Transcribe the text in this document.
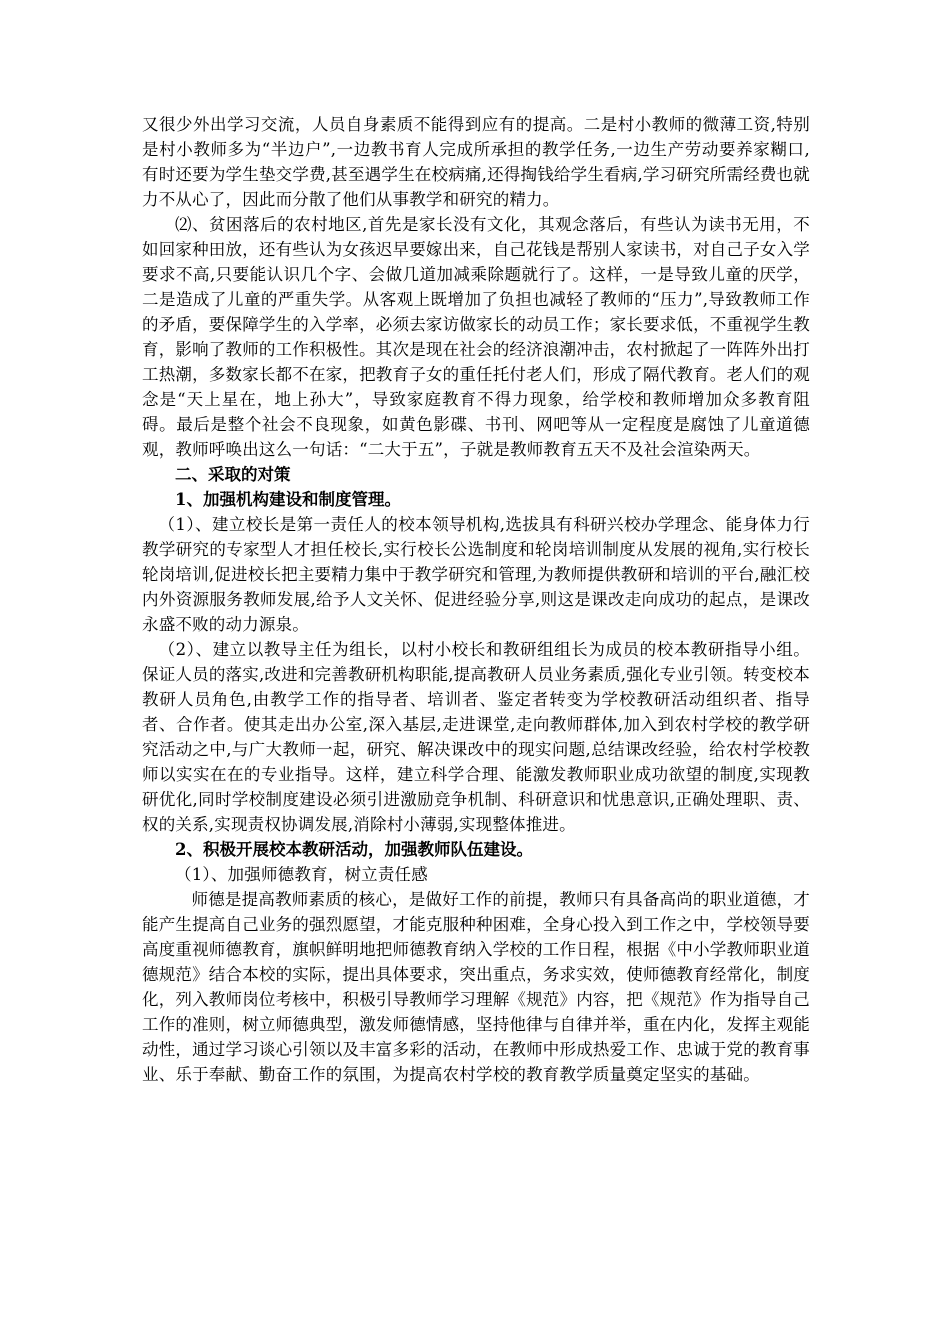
又很少外出学习交流，人员自身素质不能得到应有的提高。二是村小教师的微薄工资,特别是村小教师多为“半边户”,一边教书育人完成所承担的教学任务,一边生产劳动要养家糊口, 有时还要为学生垫交学费,甚至遇学生在校病痛,还得掏钱给学生看病,学习研究所需经费也就力不从心了，因此而分散了他们从事教学和研究的精力。

⑵、贫困落后的农村地区,首先是家长没有文化，其观念落后，有些认为读书无用，不如回家种田放，还有些认为女孩迟早要嫁出来，自己花钱是帮别人家读书，对自己子女入学要求不高,只要能认识几个字、会做几道加减乘除题就行了。这样，一是导致儿童的厌学，二是造成了儿童的严重失学。从客观上既增加了负担也减轻了教师的“压力”,导致教师工作的矛盾，要保障学生的入学率，必须去家访做家长的动员工作；家长要求低，不重视学生教育，影响了教师的工作积极性。其次是现在社会的经济浪潮冲击，农村掀起了一阵阵外出打工热潮，多数家长都不在家，把教育子女的重任托付老人们，形成了隔代教育。老人们的观念是“天上星在，地上孙大”，导致家庭教育不得力现象，给学校和教师增加众多教育阻碍。最后是整个社会不良现象，如黄色影碟、书刊、网吧等从一定程度是腐蚀了儿童道德观，教师呼唤出这么一句话：“二大于五”，子就是教师教育五天不及社会渲染两天。

二、采取的对策

1、加强机构建设和制度管理。

（1）、建立校长是第一责任人的校本领导机构,选拔具有科研兴校办学理念、能身体力行教学研究的专家型人才担任校长,实行校长公选制度和轮岗培训制度从发展的视角,实行校长轮岗培训,促进校长把主要精力集中于教学研究和管理,为教师提供教研和培训的平台,融汇校内外资源服务教师发展,给予人文关怀、促进经验分享,则这是课改走向成功的起点，是课改永盛不败的动力源泉。

（2）、建立以教导主任为组长，以村小校长和教研组组长为成员的校本教研指导小组。保证人员的落实,改进和完善教研机构职能,提高教研人员业务素质,强化专业引领。转变校本教研人员角色,由教学工作的指导者、培训者、鉴定者转变为学校教研活动组织者、指导者、合作者。使其走出办公室,深入基层,走进课堂,走向教师群体,加入到农村学校的教学研究活动之中,与广大教师一起，研究、解决课改中的现实问题,总结课改经验，给农村学校教师以实实在在的专业指导。这样，建立科学合理、能激发教师职业成功欲望的制度,实现教研优化,同时学校制度建设必须引进激励竞争机制、科研意识和忧患意识,正确处理职、责、权的关系,实现责权协调发展,消除村小薄弱,实现整体推进。

2、积极开展校本教研活动，加强教师队伍建设。

（1）、加强师德教育，树立责任感

师德是提高教师素质的核心，是做好工作的前提，教师只有具备高尚的职业道德，才能产生提高自己业务的强烈愿望，才能克服种种困难，全身心投入到工作之中，学校领导要高度重视师德教育，旗帜鲜明地把师德教育纳入学校的工作日程，根据《中小学教师职业道德规范》结合本校的实际，提出具体要求，突出重点，务求实效，使师德教育经常化，制度化，列入教师岗位考核中，积极引导教师学习理解《规范》内容，把《规范》作为指导自己工作的准则，树立师德典型，激发师德情感，坚持他律与自律并举，重在内化，发挥主观能动性，通过学习谈心引领以及丰富多彩的活动，在教师中形成热爱工作、忠诚于党的教育事业、乐于奉献、勤奋工作的氛围，为提高农村学校的教育教学质量奠定坚实的基础。
